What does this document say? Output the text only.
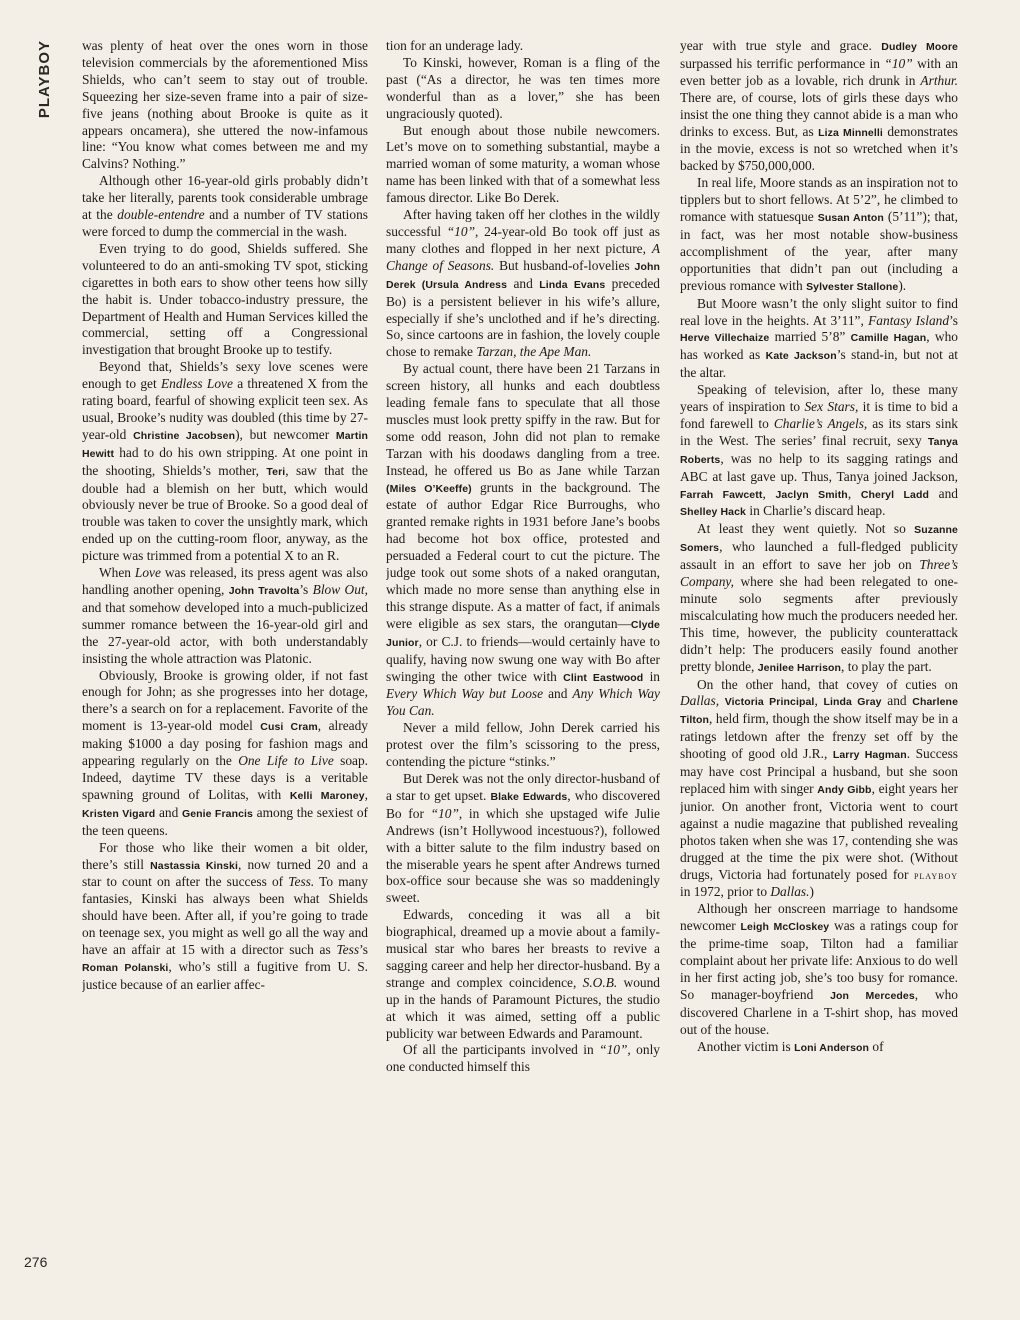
PLAYBOY	was plenty of heat over the ones worn in those television commercials by the aforementioned Miss Shields, who can’t seem to stay out of trouble. Squeezing her size-seven frame into a pair of size-five jeans (nothing about Brooke is quite as it appears oncamera), she uttered the now-infamous line: “You know what comes between me and my Calvins? Nothing.”

Although other 16-year-old girls probably didn’t take her literally, parents took considerable umbrage at the double-entendre and a number of TV stations were forced to dump the commercial in the wash.

Even trying to do good, Shields suffered. She volunteered to do an anti-smoking TV spot, sticking cigarettes in both ears to show other teens how silly the habit is. Under tobacco-industry pressure, the Department of Health and Human Services killed the commercial, setting off a Congressional investigation that brought Brooke up to testify.

Beyond that, Shields’s sexy love scenes were enough to get Endless Love a threatened X from the rating board, fearful of showing explicit teen sex. As usual, Brooke’s nudity was doubled (this time by 27-year-old Christine Jacobsen), but newcomer Martin Hewitt had to do his own stripping. At one point in the shooting, Shields’s mother, Teri, saw that the double had a blemish on her butt, which would obviously never be true of Brooke. So a good deal of trouble was taken to cover the unsightly mark, which ended up on the cutting-room floor, anyway, as the picture was trimmed from a potential X to an R.

When Love was released, its press agent was also handling another opening, John Travolta’s Blow Out, and that somehow developed into a much-publicized summer romance between the 16-year-old girl and the 27-year-old actor, with both understandably insisting the whole attraction was Platonic.

Obviously, Brooke is growing older, if not fast enough for John; as she progresses into her dotage, there’s a search on for a replacement. Favorite of the moment is 13-year-old model Cusi Cram, already making $1000 a day posing for fashion mags and appearing regularly on the One Life to Live soap. Indeed, daytime TV these days is a veritable spawning ground of Lolitas, with Kelli Maroney, Kristen Vigard and Genie Francis among the sexiest of the teen queens.

For those who like their women a bit older, there’s still Nastassia Kinski, now turned 20 and a star to count on after the success of Tess. To many fantasies, Kinski has always been what Shields should have been. After all, if you’re going to trade on teenage sex, you might as well go all the way and have an affair at 15 with a director such as Tess’s Roman Polanski, who’s still a fugitive from U. S. justice because of an earlier affec-

tion for an underage lady.

To Kinski, however, Roman is a fling of the past (“As a director, he was ten times more wonderful than as a lover,” she has been ungraciously quoted).

But enough about those nubile newcomers. Let’s move on to something substantial, maybe a married woman of some maturity, a woman whose name has been linked with that of a somewhat less famous director. Like Bo Derek.

After having taken off her clothes in the wildly successful “10”, 24-year-old Bo took off just as many clothes and flopped in her next picture, A Change of Seasons. But husband-of-lovelies John Derek (Ursula Andress and Linda Evans preceded Bo) is a persistent believer in his wife’s allure, especially if she’s unclothed and if he’s directing. So, since cartoons are in fashion, the lovely couple chose to remake Tarzan, the Ape Man.

By actual count, there have been 21 Tarzans in screen history, all hunks and each doubtless leading female fans to speculate that all those muscles must look pretty spiffy in the raw. But for some odd reason, John did not plan to remake Tarzan with his doodaws dangling from a tree. Instead, he offered us Bo as Jane while Tarzan (Miles O’Keeffe) grunts in the background. The estate of author Edgar Rice Burroughs, who granted remake rights in 1931 before Jane’s boobs had become hot box office, protested and persuaded a Federal court to cut the picture. The judge took out some shots of a naked orangutan, which made no more sense than anything else in this strange dispute. As a matter of fact, if animals were eligible as sex stars, the orangutan—Clyde Junior, or C.J. to friends—would certainly have to qualify, having now swung one way with Bo after swinging the other twice with Clint Eastwood in Every Which Way but Loose and Any Which Way You Can.

Never a mild fellow, John Derek carried his protest over the film’s scissoring to the press, contending the picture “stinks.”

But Derek was not the only director-husband of a star to get upset. Blake Edwards, who discovered Bo for “10”, in which she upstaged wife Julie Andrews (isn’t Hollywood incestuous?), followed with a bitter salute to the film industry based on the miserable years he spent after Andrews turned box-office sour because she was so maddeningly sweet.

Edwards, conceding it was all a bit biographical, dreamed up a movie about a family-musical star who bares her breasts to revive a sagging career and help her director-husband. By a strange and complex coincidence, S.O.B. wound up in the hands of Paramount Pictures, the studio at which it was aimed, setting off a public publicity war between Edwards and Paramount.

Of all the participants involved in “10”, only one conducted himself this

year with true style and grace. Dudley Moore surpassed his terrific performance in “10” with an even better job as a lovable, rich drunk in Arthur. There are, of course, lots of girls these days who insist the one thing they cannot abide is a man who drinks to excess. But, as Liza Minnelli demonstrates in the movie, excess is not so wretched when it’s backed by $750,000,000.

In real life, Moore stands as an inspiration not to tipplers but to short fellows. At 5’2”, he climbed to romance with statuesque Susan Anton (5’11”); that, in fact, was her most notable show-business accomplishment of the year, after many opportunities that didn’t pan out (including a previous romance with Sylvester Stallone).

But Moore wasn’t the only slight suitor to find real love in the heights. At 3’11”, Fantasy Island’s Herve Villechaize married 5’8” Camille Hagan, who has worked as Kate Jackson’s stand-in, but not at the altar.

Speaking of television, after lo, these many years of inspiration to Sex Stars, it is time to bid a fond farewell to Charlie’s Angels, as its stars sink in the West. The series’ final recruit, sexy Tanya Roberts, was no help to its sagging ratings and ABC at last gave up. Thus, Tanya joined Jackson, Farrah Fawcett, Jaclyn Smith, Cheryl Ladd and Shelley Hack in Charlie’s discard heap.

At least they went quietly. Not so Suzanne Somers, who launched a full-fledged publicity assault in an effort to save her job on Three’s Company, where she had been relegated to one-minute solo segments after previously miscalculating how much the producers needed her. This time, however, the publicity counterattack didn’t help: The producers easily found another pretty blonde, Jenilee Harrison, to play the part.

On the other hand, that covey of cuties on Dallas, Victoria Principal, Linda Gray and Charlene Tilton, held firm, though the show itself may be in a ratings letdown after the frenzy set off by the shooting of good old J.R., Larry Hagman. Success may have cost Principal a husband, but she soon replaced him with singer Andy Gibb, eight years her junior. On another front, Victoria went to court against a nudie magazine that published revealing photos taken when she was 17, contending she was drugged at the time the pix were shot. (Without drugs, Victoria had fortunately posed for playboy in 1972, prior to Dallas.)

Although her onscreen marriage to handsome newcomer Leigh McCloskey was a ratings coup for the prime-time soap, Tilton had a familiar complaint about her private life: Anxious to do well in her first acting job, she’s too busy for romance. So manager-boyfriend Jon Mercedes, who discovered Charlene in a T-shirt shop, has moved out of the house.

Another victim is Loni Anderson of

276
